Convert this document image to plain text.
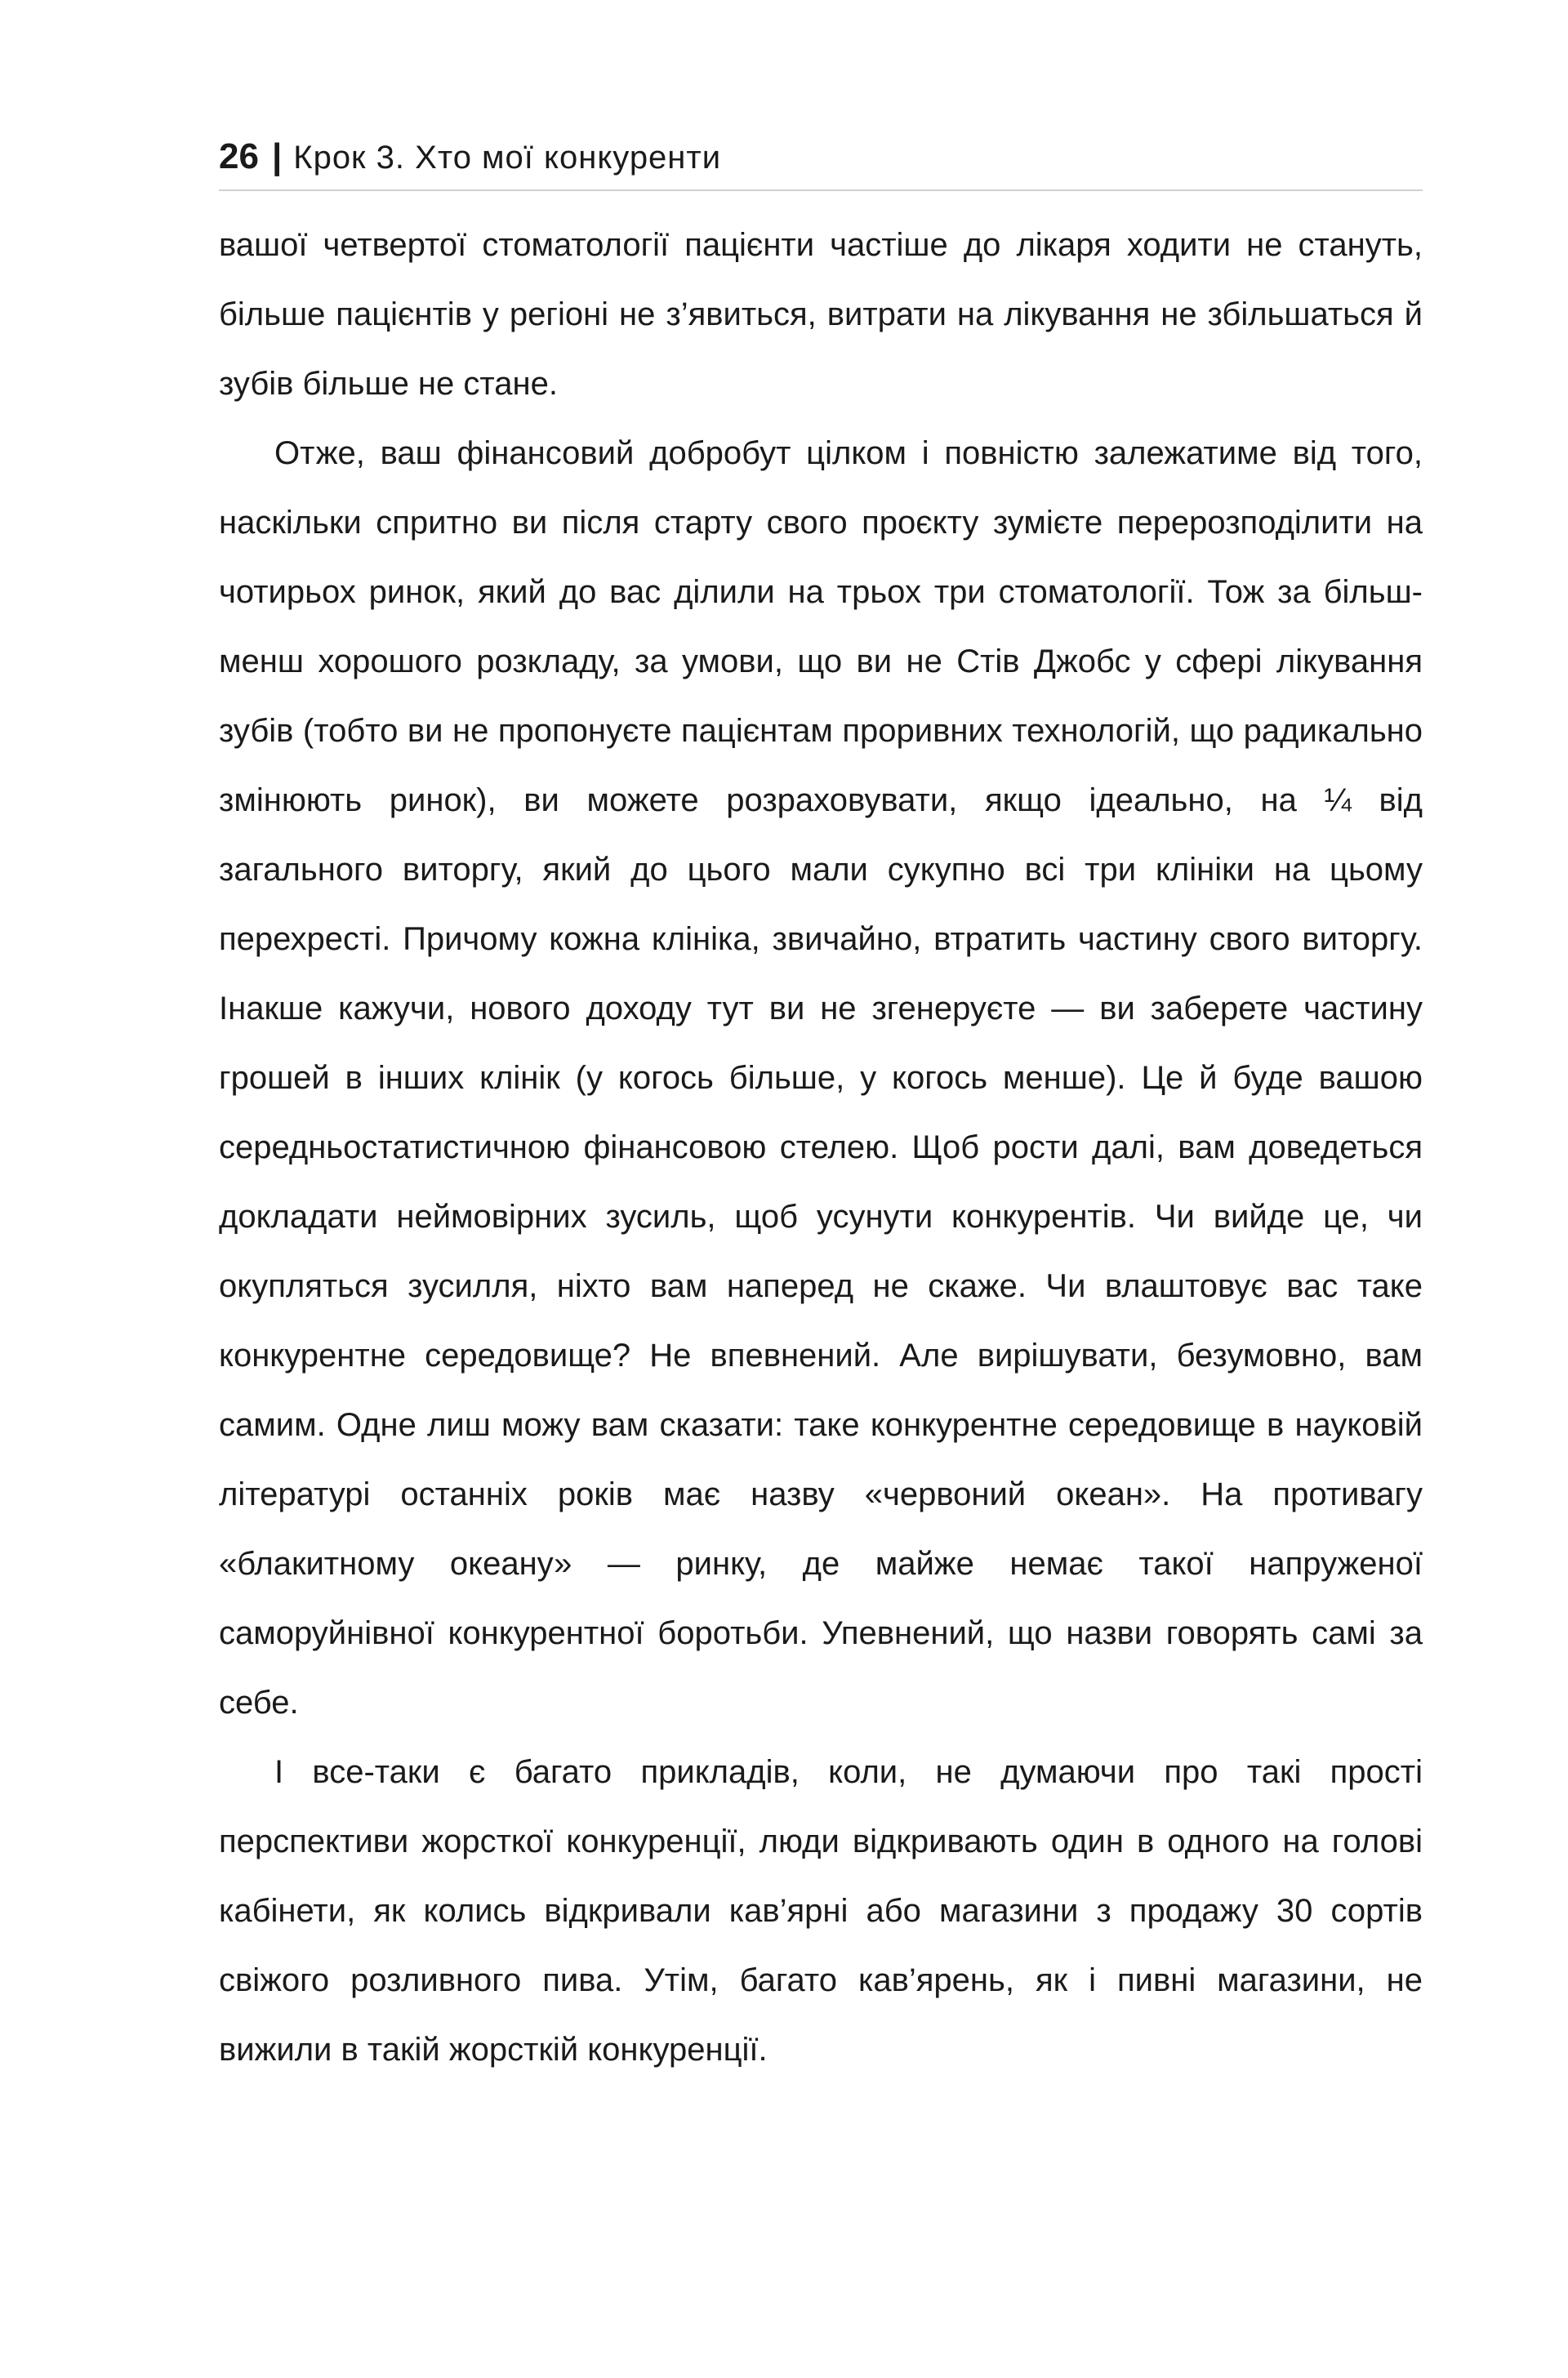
26 | Крок 3. Хто мої конкуренти

вашої четвертої стоматології пацієнти частіше до лікаря ходити не стануть, більше пацієнтів у регіоні не з’явиться, витрати на лікування не збільшаться й зубів більше не стане.

Отже, ваш фінансовий добробут цілком і повністю залежатиме від того, наскільки спритно ви після старту свого проєкту зумієте перерозподілити на чотирьох ринок, який до вас ділили на трьох три стоматології. Тож за більш-менш хорошого розкладу, за умови, що ви не Стів Джобс у сфері лікування зубів (тобто ви не пропонуєте пацієнтам проривних технологій, що радикально змінюють ринок), ви можете розраховувати, якщо ідеально, на ¼ від загального виторгу, який до цього мали сукупно всі три клініки на цьому перехресті. Причому кожна клініка, звичайно, втратить частину свого виторгу. Інакше кажучи, нового доходу тут ви не згенеруєте — ви заберете частину грошей в інших клінік (у когось більше, у когось менше). Це й буде вашою середньостатистичною фінансовою стелею. Щоб рости далі, вам доведеться докладати неймовірних зусиль, щоб усунути конкурентів. Чи вийде це, чи окупляться зусилля, ніхто вам наперед не скаже. Чи влаштовує вас таке конкурентне середовище? Не впевнений. Але вирішувати, безумовно, вам самим. Одне лиш можу вам сказати: таке конкурентне середовище в науковій літературі останніх років має назву «червоний океан». На противагу «блакитному океану» — ринку, де майже немає такої напруженої саморуйнівної конкурентної боротьби. Упевнений, що назви говорять самі за себе.

І все-таки є багато прикладів, коли, не думаючи про такі прості перспективи жорсткої конкуренції, люди відкривають один в одного на голові кабінети, як колись відкривали кав’ярні або магазини з продажу 30 сортів свіжого розливного пива. Утім, багато кав’ярень, як і пивні магазини, не вижили в такій жорсткій конкуренції.
